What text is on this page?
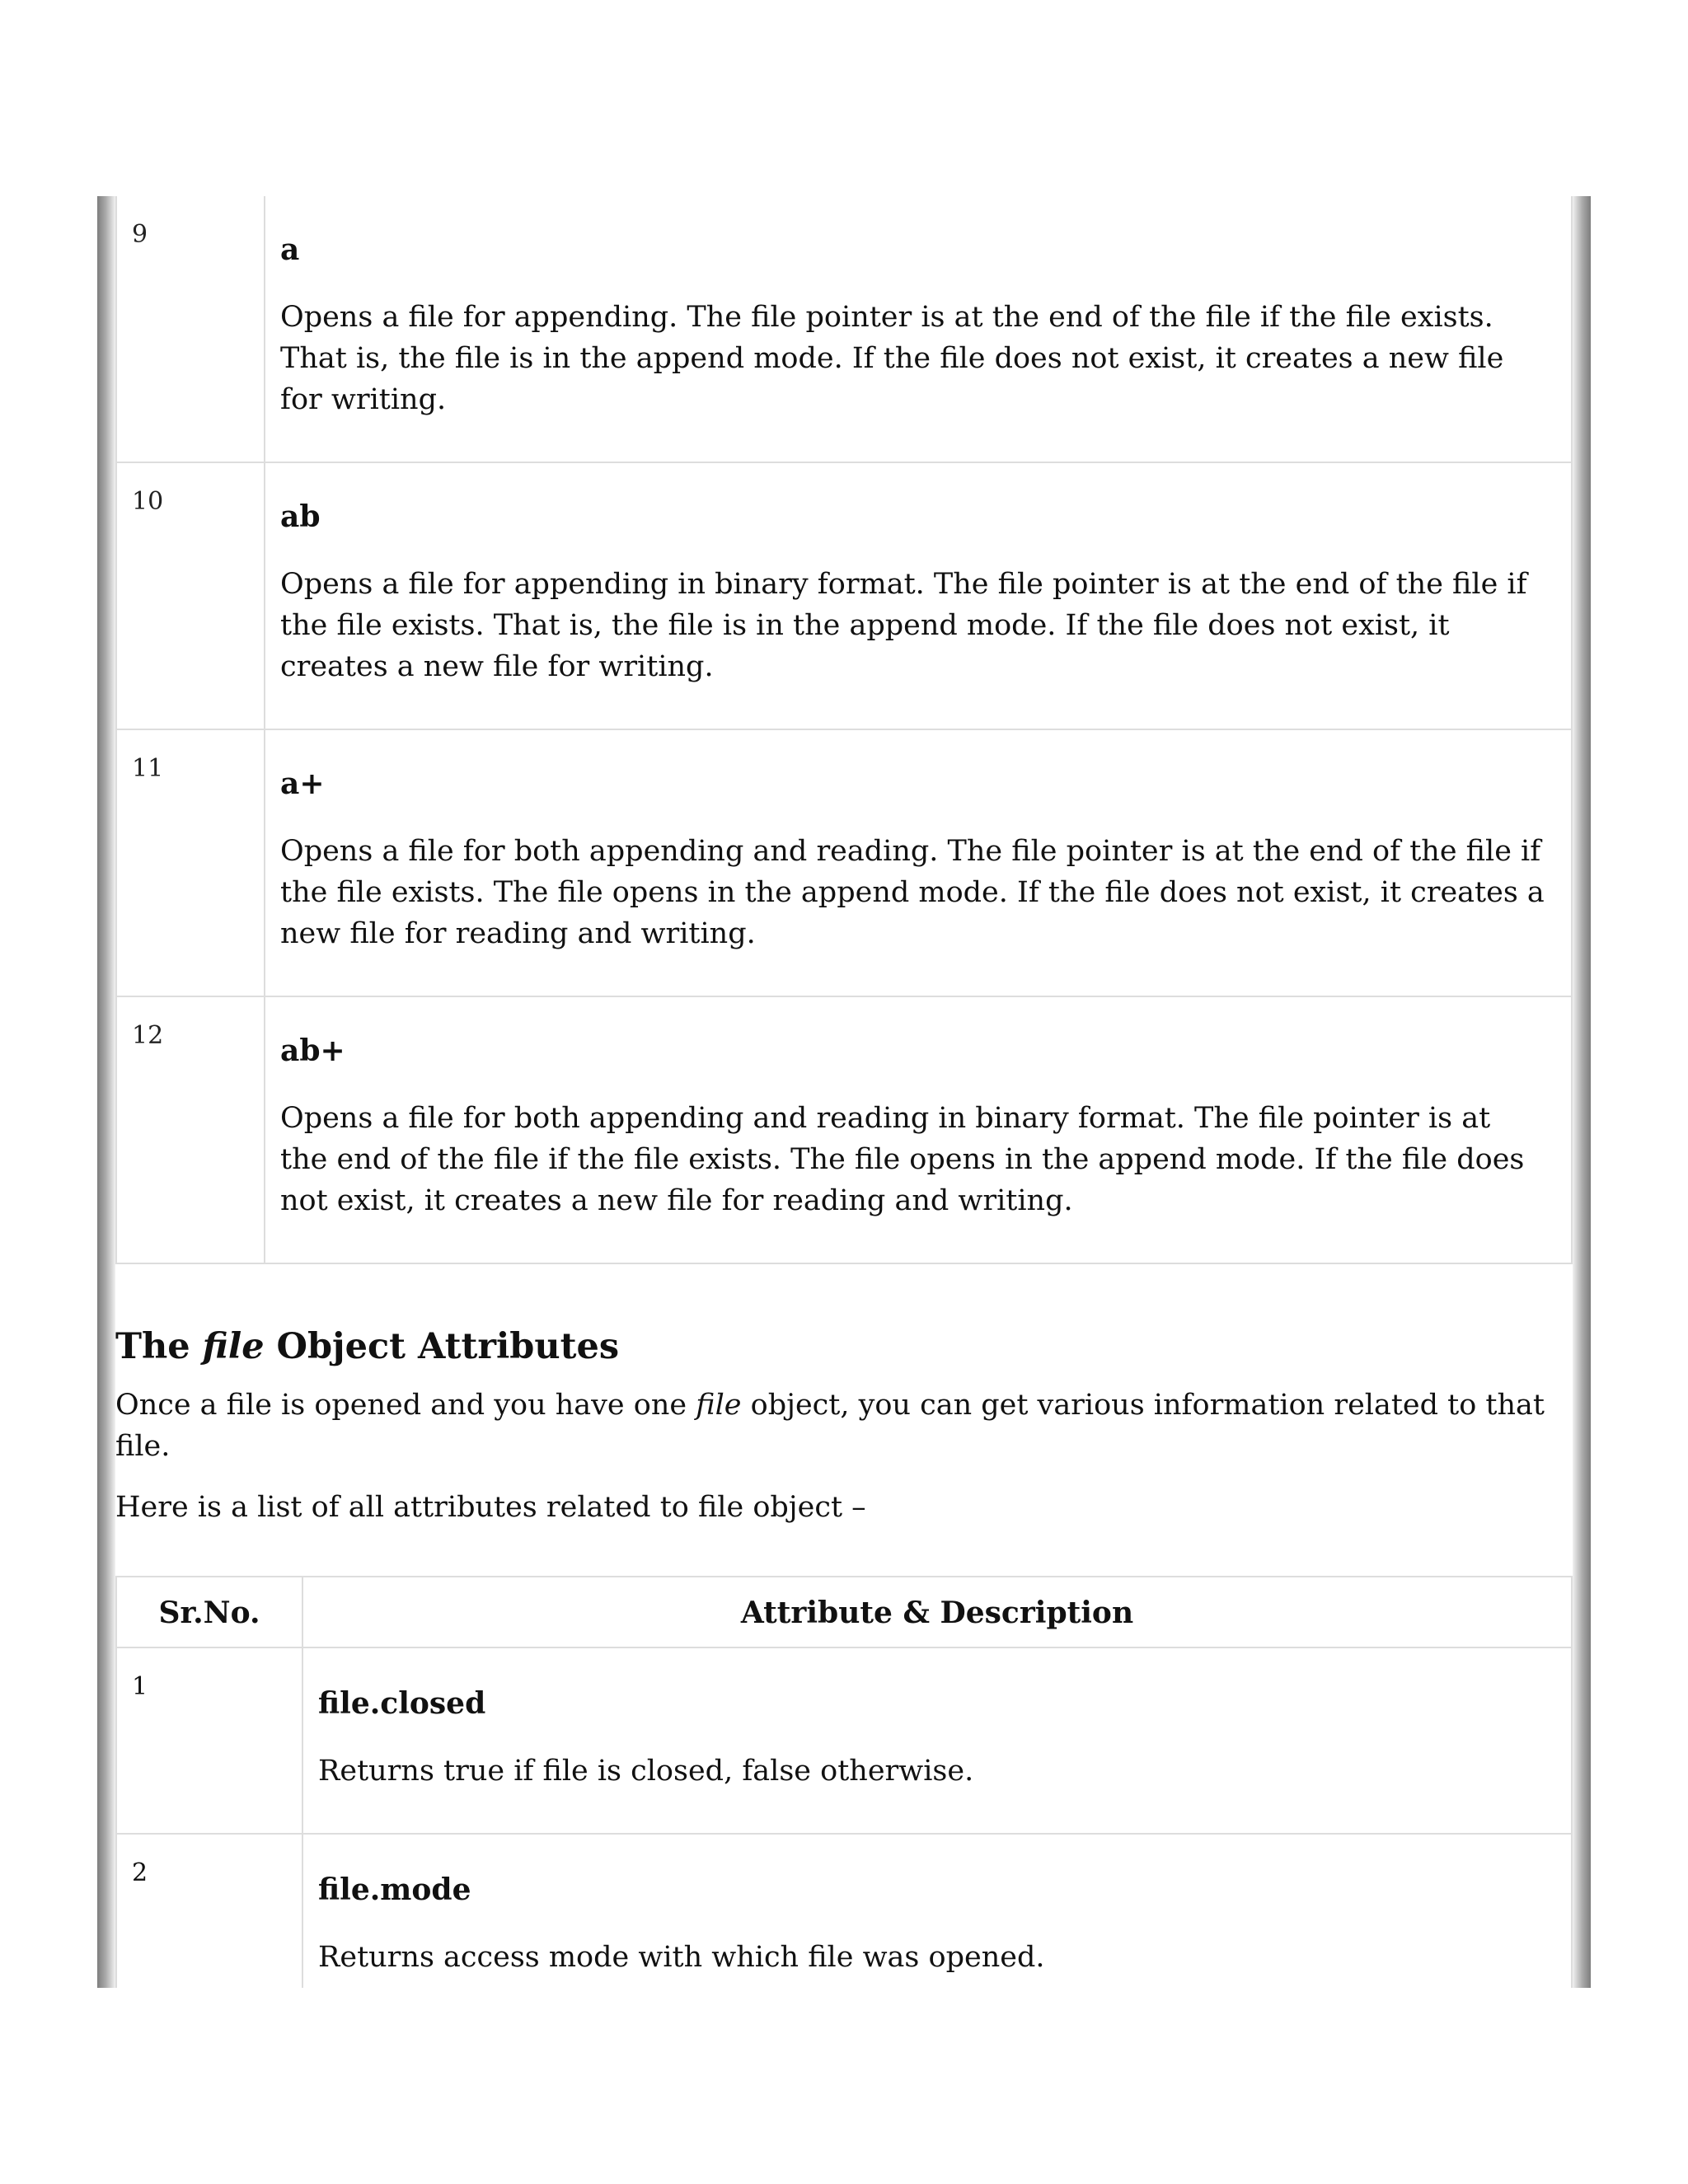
9	a

Opens a file for appending. The file pointer is at the end of the file if the file exists. That is, the file is in the append mode. If the file does not exist, it creates a new file for writing.

10	ab

Opens a file for appending in binary format. The file pointer is at the end of the file if the file exists. That is, the file is in the append mode. If the file does not exist, it creates a new file for writing.

11	a+

Opens a file for both appending and reading. The file pointer is at the end of the file if the file exists. The file opens in the append mode. If the file does not exist, it creates a new file for reading and writing.

12	ab+

Opens a file for both appending and reading in binary format. The file pointer is at the end of the file if the file exists. The file opens in the append mode. If the file does not exist, it creates a new file for reading and writing.

The file Object Attributes

Once a file is opened and you have one file object, you can get various information related to that file.

Here is a list of all attributes related to file object –

Sr.No.	Attribute & Description
1	file.closed

Returns true if file is closed, false otherwise.

2	file.mode

Returns access mode with which file was opened.
